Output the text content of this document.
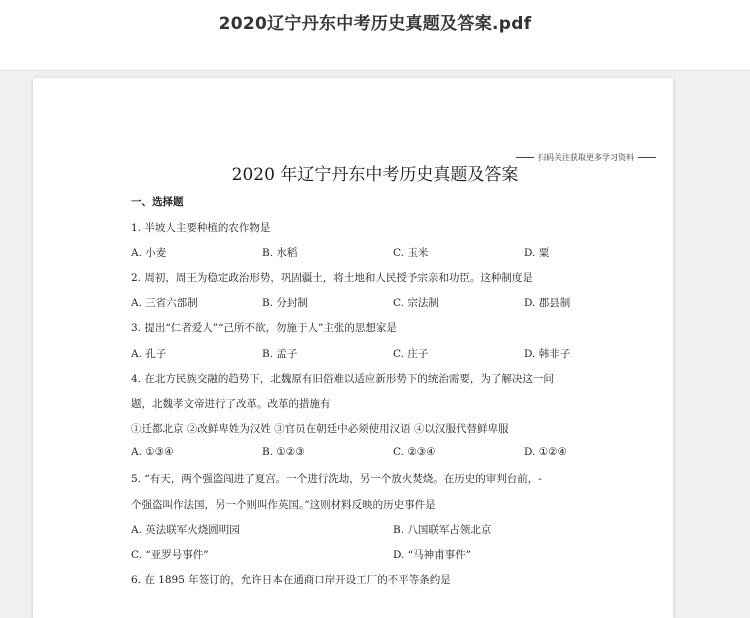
2020辽宁丹东中考历史真题及答案.pdf
扫码关注获取更多学习资料
2020 年辽宁丹东中考历史真题及答案
一、选择题
1. 半坡人主要种植的农作物是
A. 小麦	B. 水稻	C. 玉米	D. 粟
2. 周初，周王为稳定政治形势，巩固疆土，将土地和人民授予宗亲和功臣。这种制度是
A. 三省六部制	B. 分封制	C. 宗法制	D. 郡县制
3. 提出“仁者爱人”“己所不欲，勿施于人”主张的思想家是
A. 孔子	B. 孟子	C. 庄子	D. 韩非子
4. 在北方民族交融的趋势下，北魏原有旧俗难以适应新形势下的统治需要，为了解决这一问
题，北魏孝文帝进行了改革。改革的措施有
①迁都北京 ②改鲜卑姓为汉姓 ③官员在朝廷中必须使用汉语 ④以汉服代替鲜卑服
A. ①③④	B. ①②③	C. ②③④	D. ①②④
5. “有天，两个强盗闯进了夏宫。一个进行洗劫，另一个放火焚烧。在历史的审判台前，-
个强盗叫作法国，另一个则叫作英国。”这则材料反映的历史事件是
A. 英法联军火烧圆明园	B. 八国联军占领北京
C. “亚罗号事件”	D. “马神甫事件”
6. 在 1895 年签订的，允许日本在通商口岸开设工厂的不平等条约是
